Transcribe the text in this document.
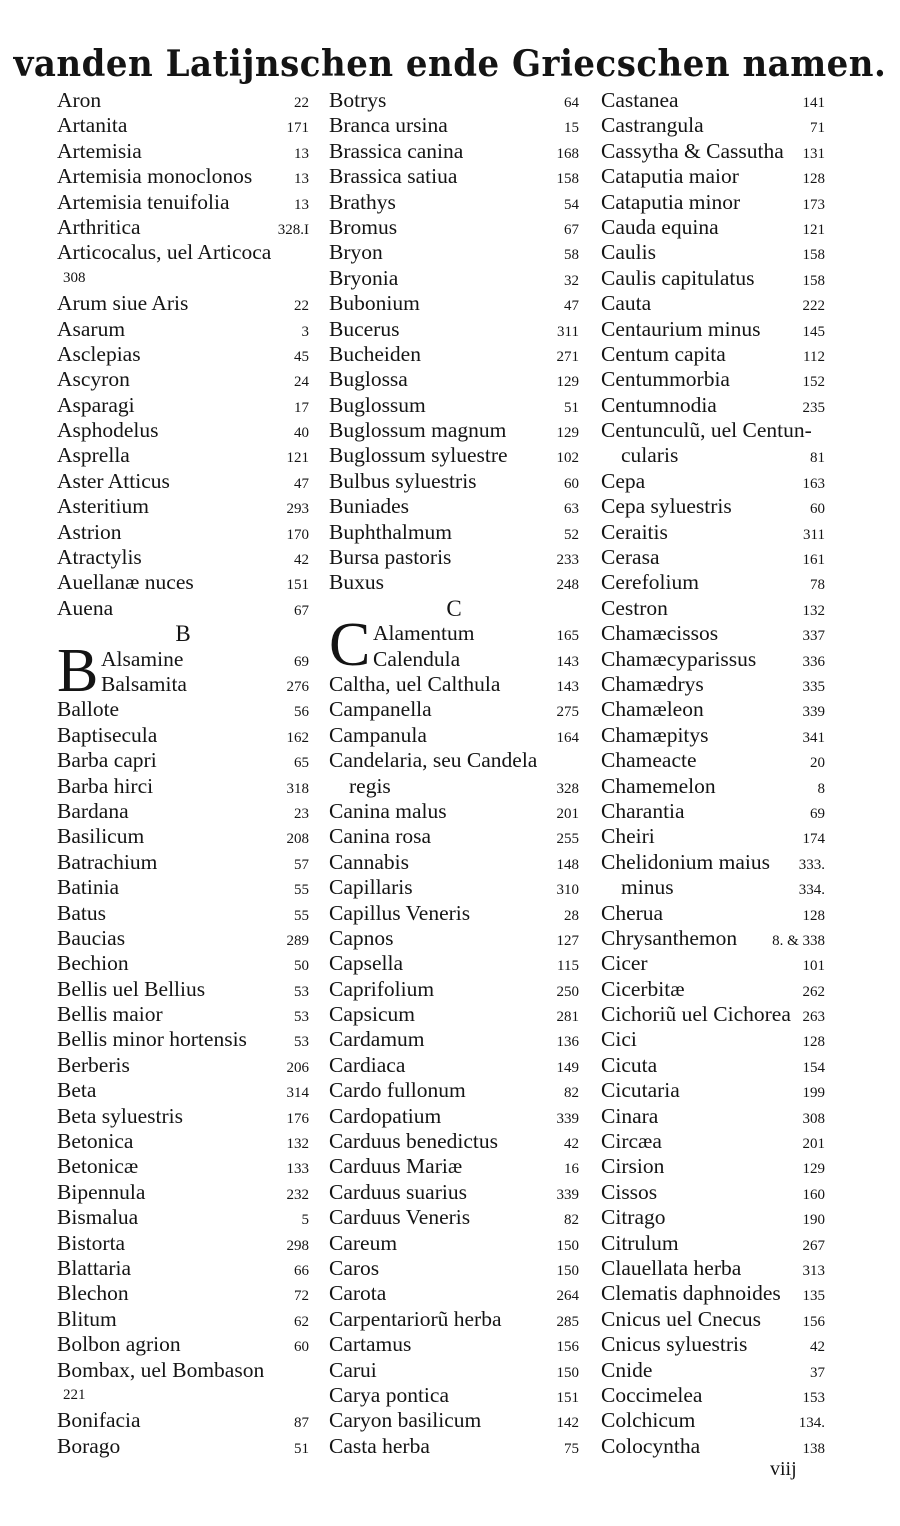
vanden Latijnschen ende Griecschen namen.
Aron	22
Artanita	171
Artemisia	13
Artemisia monoclonos	13
Artemisia tenuifolia	13
Arthritica	328.I
Articocalus, uel Articoca
308
Arum siue Aris	22
Asarum	3
Asclepias	45
Ascyron	24
Asparagi	17
Asphodelus	40
Asprella	121
Aster Atticus	47
Asteritium	293
Astrion	170
Atractylis	42
Auellanæ nuces	151
Auena	67
B
B Alsamine	69
Balsamita	276
Ballote	56
Baptisecula	162
Barba capri	65
Barba hirci	318
Bardana	23
Basilicum	208
Batrachium	57
Batinia	55
Batus	55
Baucias	289
Bechion	50
Bellis uel Bellius	53
Bellis maior	53
Bellis minor hortensis	53
Berberis	206
Beta	314
Beta syluestris	176
Betonica	132
Betonicæ	133
Bipennula	232
Bismalua	5
Bistorta	298
Blattaria	66
Blechon	72
Blitum	62
Bolbon agrion	60
Bombax, uel Bombason
221
Bonifacia	87
Borago	51
Botrys	64
Branca ursina	15
Brassica canina	168
Brassica satiua	158
Brathys	54
Bromus	67
Bryon	58
Bryonia	32
Bubonium	47
Bucerus	311
Bucheiden	271
Buglossa	129
Buglossum	51
Buglossum magnum	129
Buglossum syluestre	102
Bulbus syluestris	60
Buniades	63
Buphthalmum	52
Bursa pastoris	233
Buxus	248
C
C Alamentum	165
Calendula	143
Caltha, uel Calthula	143
Campanella	275
Campanula	164
Candelaria, seu Candela
regis	328
Canina malus	201
Canina rosa	255
Cannabis	148
Capillaris	310
Capillus Veneris	28
Capnos	127
Capsella	115
Caprifolium	250
Capsicum	281
Cardamum	136
Cardiaca	149
Cardo fullonum	82
Cardopatium	339
Carduus benedictus	42
Carduus Mariæ	16
Carduus suarius	339
Carduus Veneris	82
Careum	150
Caros	150
Carota	264
Carpentariorũ herba	285
Cartamus	156
Carui	150
Carya pontica	151
Caryon basilicum	142
Casta herba	75
Castanea	141
Castrangula	71
Cassytha & Cassutha 131
Cataputia maior	128
Cataputia minor	173
Cauda equina	121
Caulis	158
Caulis capitulatus	158
Cauta	222
Centaurium minus	145
Centum capita	112
Centummorbia	152
Centumnodia	235
Centunculũ, uel Centun-
cularis	81
Cepa	163
Cepa syluestris	60
Ceraitis	311
Cerasa	161
Cerefolium	78
Cestron	132
Chamæcissos	337
Chamæcyparissus	336
Chamædrys	335
Chamæleon	339
Chamæpitys	341
Chameacte	20
Chamemelon	8
Charantia	69
Cheiri	174
Chelidonium maius 333.
minus	334.
Cherua	128
Chrysanthemon 8. & 338
Cicer	101
Cicerbitæ	262
Cichoriũ uel Cichorea 263
Cici	128
Cicuta	154
Cicutaria	199
Cinara	308
Circæa	201
Cirsion	129
Cissos	160
Citrago	190
Citrulum	267
Clauellata herba	313
Clematis daphnoides 135
Cnicus uel Cnecus	156
Cnicus syluestris	42
Cnide	37
Coccimelea	153
Colchicum	134.
Colocyntha	138
viij
